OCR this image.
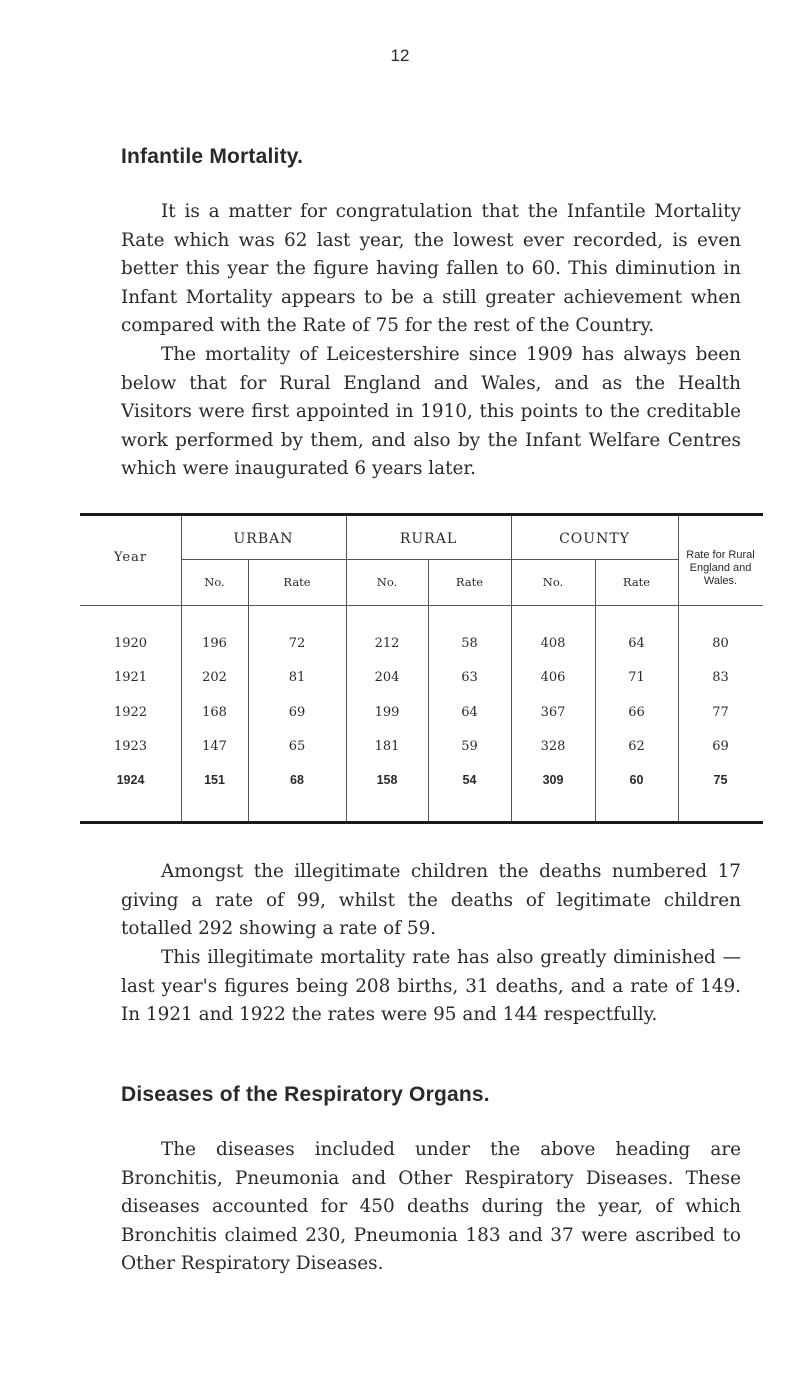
12
Infantile Mortality.

It is a matter for congratulation that the Infantile Mortality Rate which was 62 last year, the lowest ever recorded, is even better this year the figure having fallen to 60. This diminution in Infant Mortality appears to be a still greater achievement when compared with the Rate of 75 for the rest of the Country.

The mortality of Leicestershire since 1909 has always been below that for Rural England and Wales, and as the Health Visitors were first appointed in 1910, this points to the creditable work performed by them, and also by the Infant Welfare Centres which were inaugurated 6 years later.

Year
URBAN	RURAL	COUNTY
Rate for Rural England and Wales.
No.	Rate	No.	Rate	No.	Rate
1920	196	72	212	58	408	64	80
1921	202	81	204	63	406	71	83
1922	168	69	199	64	367	66	77
1923	147	65	181	59	328	62	69
1924	151	68	158	54	309	60	75

Amongst the illegitimate children the deaths numbered 17 giving a rate of 99, whilst the deaths of legitimate children totalled 292 showing a rate of 59.

This illegitimate mortality rate has also greatly diminished —last year's figures being 208 births, 31 deaths, and a rate of 149. In 1921 and 1922 the rates were 95 and 144 respectfully.

Diseases of the Respiratory Organs.

The diseases included under the above heading are Bronchitis, Pneumonia and Other Respiratory Diseases. These diseases accounted for 450 deaths during the year, of which Bronchitis claimed 230, Pneumonia 183 and 37 were ascribed to Other Respiratory Diseases.
